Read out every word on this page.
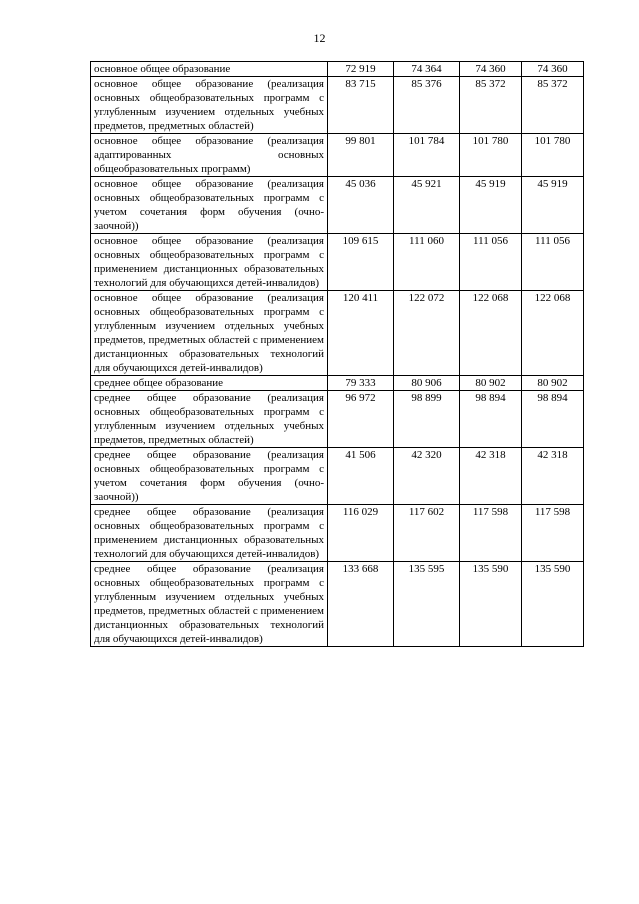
12
основное общее образование	72 919	74 364	74 360	74 360
основное общее образование (реализация основных общеобразовательных программ с углубленным изучением отдельных учебных предметов, предметных областей)	83 715	85 376	85 372	85 372
основное общее образование (реализация адаптированных основных общеобразовательных программ)	99 801	101 784	101 780	101 780
основное общее образование (реализация основных общеобразовательных программ с учетом сочетания форм обучения (очно-заочной))	45 036	45 921	45 919	45 919
основное общее образование (реализация основных общеобразовательных программ с применением дистанционных образовательных технологий для обучающихся детей-инвалидов)	109 615	111 060	111 056	111 056
основное общее образование (реализация основных общеобразовательных программ с углубленным изучением отдельных учебных предметов, предметных областей с применением дистанционных образовательных технологий для обучающихся детей-инвалидов)	120 411	122 072	122 068	122 068
среднее общее образование	79 333	80 906	80 902	80 902
среднее общее образование (реализация основных общеобразовательных программ с углубленным изучением отдельных учебных предметов, предметных областей)	96 972	98 899	98 894	98 894
среднее общее образование (реализация основных общеобразовательных программ с учетом сочетания форм обучения (очно-заочной))	41 506	42 320	42 318	42 318
среднее общее образование (реализация основных общеобразовательных программ с применением дистанционных образовательных технологий для обучающихся детей-инвалидов)	116 029	117 602	117 598	117 598
среднее общее образование (реализация основных общеобразовательных программ с углубленным изучением отдельных учебных предметов, предметных областей с применением дистанционных образовательных технологий для обучающихся детей-инвалидов)	133 668	135 595	135 590	135 590
